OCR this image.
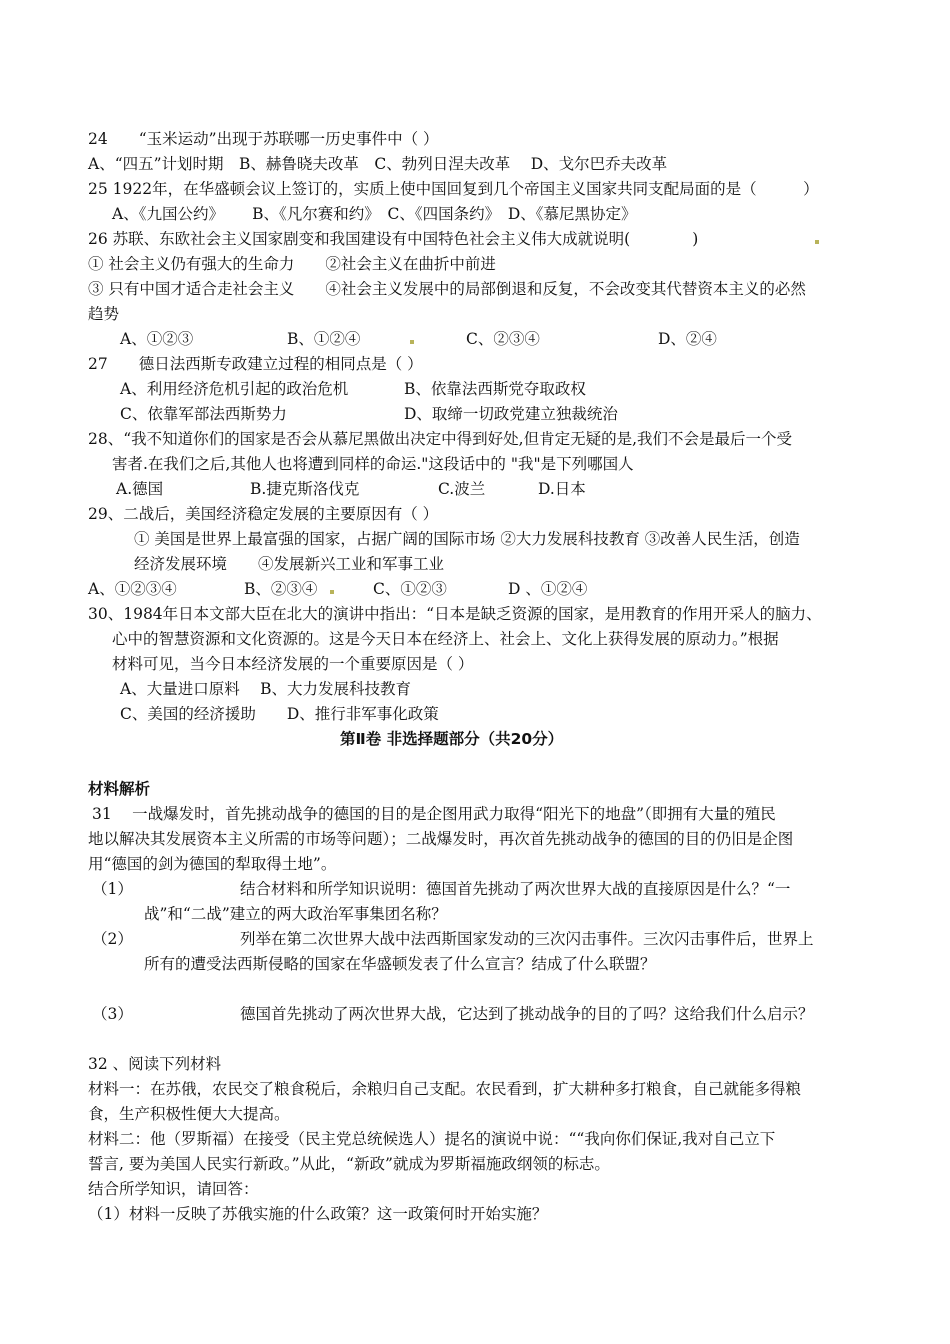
24　　“玉米运动”出现于苏联哪一历史事件中（ ）
A、“四五”计划时期　B、赫鲁晓夫改革　C、勃列日涅夫改革　 D、戈尔巴乔夫改革
25 1922年，在华盛顿会议上签订的，实质上使中国回复到几个帝国主义国家共同支配局面的是（　　　）
A、《九国公约》　　 B、《凡尔赛和约》　C、《四国条约》　D、《慕尼黑协定》
26 苏联、东欧社会主义国家剧变和我国建设有中国特色社会主义伟大成就说明(　　　　)
① 社会主义仍有强大的生命力　　②社会主义在曲折中前进
③ 只有中国才适合走社会主义　　④社会主义发展中的局部倒退和反复，不会改变其代替资本主义的必然
趋势
A、①②③	B、①②④	C、②③④	D、②④
27　　德日法西斯专政建立过程的相同点是（ ）
A、利用经济危机引起的政治危机	B、依靠法西斯党夺取政权
C、依靠军部法西斯势力	D、取缔一切政党建立独裁统治
28、“我不知道你们的国家是否会从慕尼黑做出决定中得到好处,但肯定无疑的是,我们不会是最后一个受
害者.在我们之后,其他人也将遭到同样的命运."这段话中的 "我"是下列哪国人
A.德国	B.捷克斯洛伐克	C.波兰	D.日本
29、二战后，美国经济稳定发展的主要原因有（ ）
① 美国是世界上最富强的国家，占据广阔的国际市场 ②大力发展科技教育 ③改善人民生活，创造
经济发展环境　　④发展新兴工业和军事工业
A、①②③④	B、②③④	C、①②③	D 、①②④
30、1984年日本文部大臣在北大的演讲中指出：“日本是缺乏资源的国家，是用教育的作用开采人的脑力、
心中的智慧资源和文化资源的。这是今天日本在经济上、社会上、文化上获得发展的原动力。”根据
材料可见，当今日本经济发展的一个重要原因是（ ）
A、大量进口原料　 B、大力发展科技教育
C、美国的经济援助　　D、推行非军事化政策
第Ⅱ卷 非选择题部分（共20分）
材料解析
31　 一战爆发时，首先挑动战争的德国的目的是企图用武力取得“阳光下的地盘”（即拥有大量的殖民
地以解决其发展资本主义所需的市场等问题）；二战爆发时，再次首先挑动战争的德国的目的仍旧是企图
用“德国的剑为德国的犁取得土地”。
（1）	结合材料和所学知识说明：德国首先挑动了两次世界大战的直接原因是什么？“一
战”和“二战”建立的两大政治军事集团名称？
（2）	列举在第二次世界大战中法西斯国家发动的三次闪击事件。三次闪击事件后，世界上
所有的遭受法西斯侵略的国家在华盛顿发表了什么宣言？结成了什么联盟？
（3）	德国首先挑动了两次世界大战，它达到了挑动战争的目的了吗？这给我们什么启示？
32 、阅读下列材料
材料一：在苏俄，农民交了粮食税后，余粮归自己支配。农民看到，扩大耕种多打粮食，自己就能多得粮
食，生产积极性便大大提高。
材料二：他（罗斯福）在接受（民主党总统候选人）提名的演说中说：““我向你们保证,我对自己立下
誓言, 要为美国人民实行新政。”从此，“新政”就成为罗斯福施政纲领的标志。
结合所学知识，请回答：
（1）材料一反映了苏俄实施的什么政策？这一政策何时开始实施？
